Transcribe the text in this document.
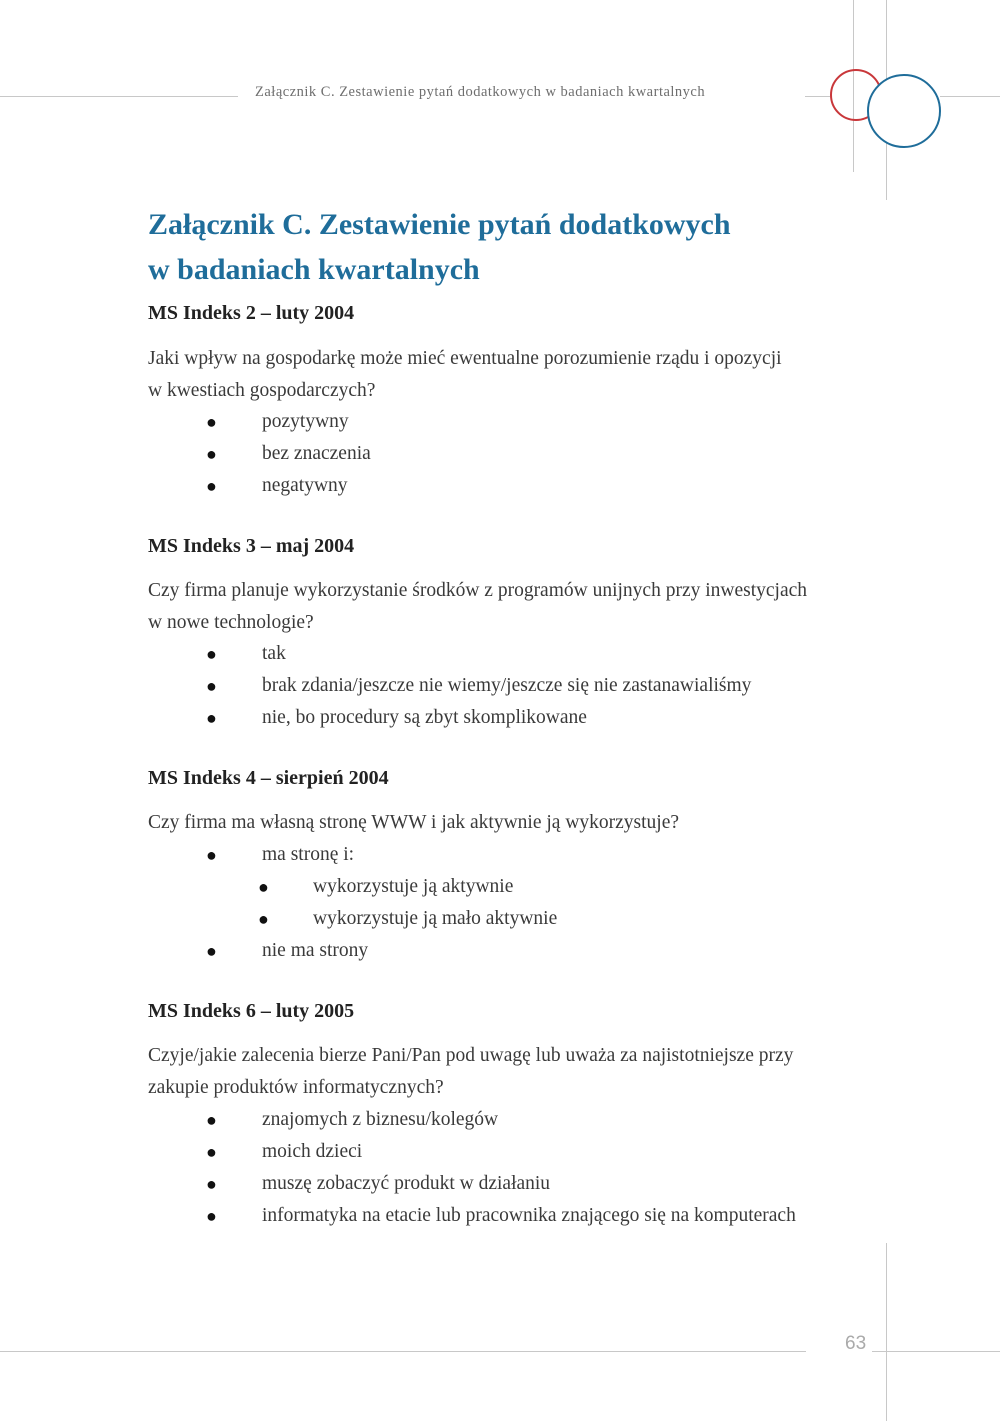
Załącznik C. Zestawienie pytań dodatkowych w badaniach kwartalnych
Załącznik C. Zestawienie pytań dodatkowych
w badaniach kwartalnych
MS Indeks 2 – luty 2004

Jaki wpływ na gospodarkę może mieć ewentualne porozumienie rządu i opozycji
w kwestiach gospodarczych?

● pozytywny
● bez znaczenia
● negatywny
MS Indeks 3 – maj 2004

Czy firma planuje wykorzystanie środków z programów unijnych przy inwestycjach
w nowe technologie?

● tak
● brak zdania/jeszcze nie wiemy/jeszcze się nie zastanawialiśmy
● nie, bo procedury są zbyt skomplikowane
MS Indeks 4 – sierpień 2004

Czy firma ma własną stronę WWW i jak aktywnie ją wykorzystuje?

● ma stronę i:
● wykorzystuje ją aktywnie
● wykorzystuje ją mało aktywnie
● nie ma strony
MS Indeks 6 – luty 2005

Czyje/jakie zalecenia bierze Pani/Pan pod uwagę lub uważa za najistotniejsze przy
zakupie produktów informatycznych?

● znajomych z biznesu/kolegów
● moich dzieci
● muszę zobaczyć produkt w działaniu
● informatyka na etacie lub pracownika znającego się na komputerach
63
